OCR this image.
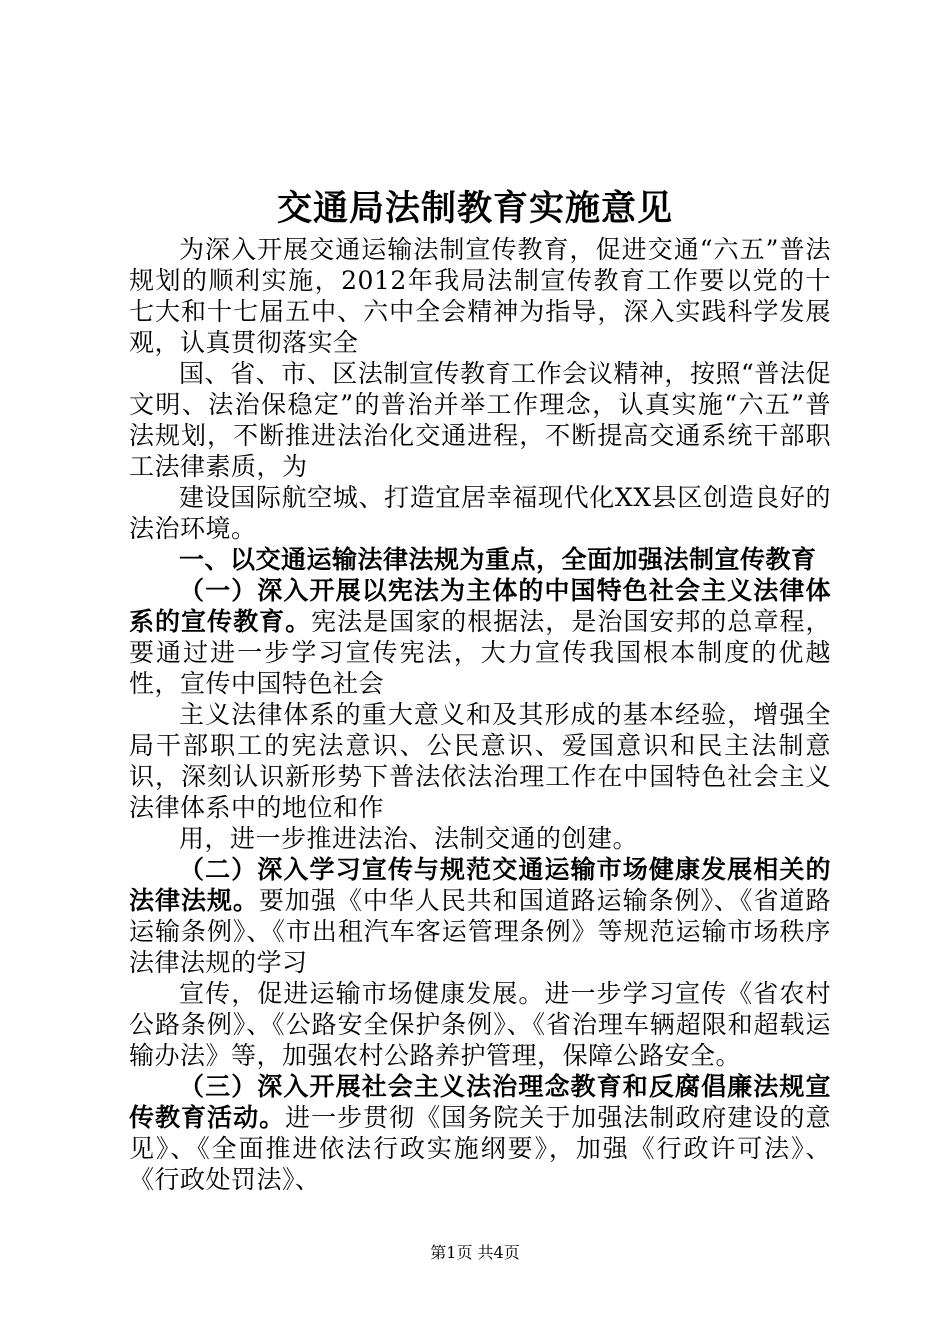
交通局法制教育实施意见

为深入开展交通运输法制宣传教育，促进交通“六五”普法规划的顺利实施，2012年我局法制宣传教育工作要以党的十七大和十七届五中、六中全会精神为指导，深入实践科学发展观，认真贯彻落实全

国、省、市、区法制宣传教育工作会议精神，按照“普法促文明、法治保稳定”的普治并举工作理念，认真实施“六五”普法规划，不断推进法治化交通进程，不断提高交通系统干部职工法律素质，为

建设国际航空城、打造宜居幸福现代化XX县区创造良好的法治环境。

一、以交通运输法律法规为重点，全面加强法制宣传教育

（一）深入开展以宪法为主体的中国特色社会主义法律体系的宣传教育。宪法是国家的根据法，是治国安邦的总章程，要通过进一步学习宣传宪法，大力宣传我国根本制度的优越性，宣传中国特色社会

主义法律体系的重大意义和及其形成的基本经验，增强全局干部职工的宪法意识、公民意识、爱国意识和民主法制意识，深刻认识新形势下普法依法治理工作在中国特色社会主义法律体系中的地位和作

用，进一步推进法治、法制交通的创建。

（二）深入学习宣传与规范交通运输市场健康发展相关的法律法规。要加强《中华人民共和国道路运输条例》、《省道路运输条例》、《市出租汽车客运管理条例》等规范运输市场秩序法律法规的学习

宣传，促进运输市场健康发展。进一步学习宣传《省农村公路条例》、《公路安全保护条例》、《省治理车辆超限和超载运输办法》等，加强农村公路养护管理，保障公路安全。

（三）深入开展社会主义法治理念教育和反腐倡廉法规宣传教育活动。进一步贯彻《国务院关于加强法制政府建设的意见》、《全面推进依法行政实施纲要》，加强《行政许可法》、《行政处罚法》、

第1页 共4页
